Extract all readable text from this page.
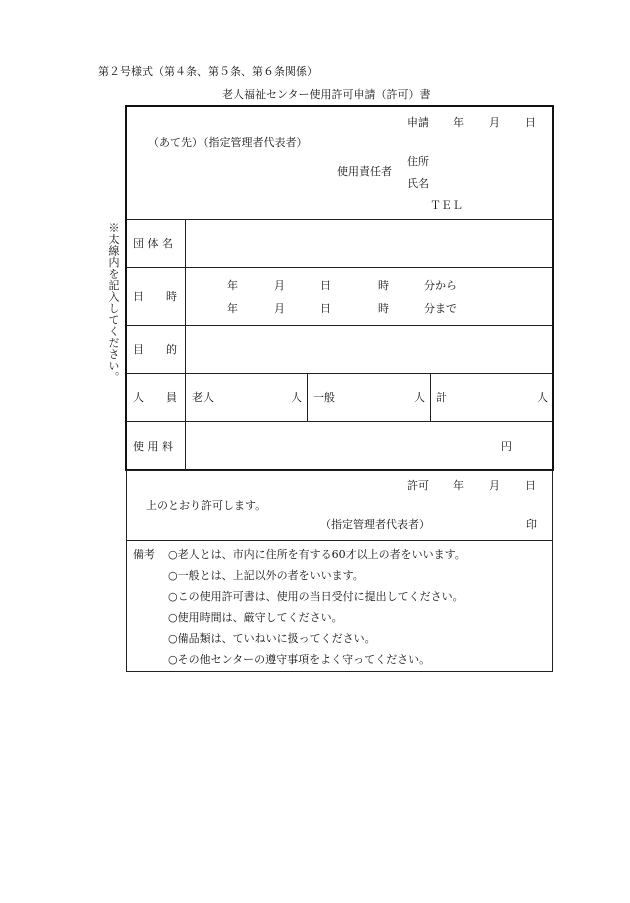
第２号様式（第４条、第５条、第６条関係）
老人福祉センター使用許可申請（許可）書
※太線内を記入してください。
申請 年 月 日
（あて先）（指定管理者代表者）
使用責任者
住所
氏名
ＴＥＬ
団 体 名
日　　時
年	月	日	時	分から
年	月	日	時	分まで
目　　的
人　　員 老人	人 一般	人 計	人
使 用 料	円
許可 年 月 日
上のとおり許可します。
（指定管理者代表者）	印
備考 ○老人とは、市内に住所を有する60才以上の者をいいます。
○一般とは、上記以外の者をいいます。
○この使用許可書は、使用の当日受付に提出してください。
○使用時間は、厳守してください。
○備品類は、ていねいに扱ってください。
○その他センターの遵守事項をよく守ってください。
